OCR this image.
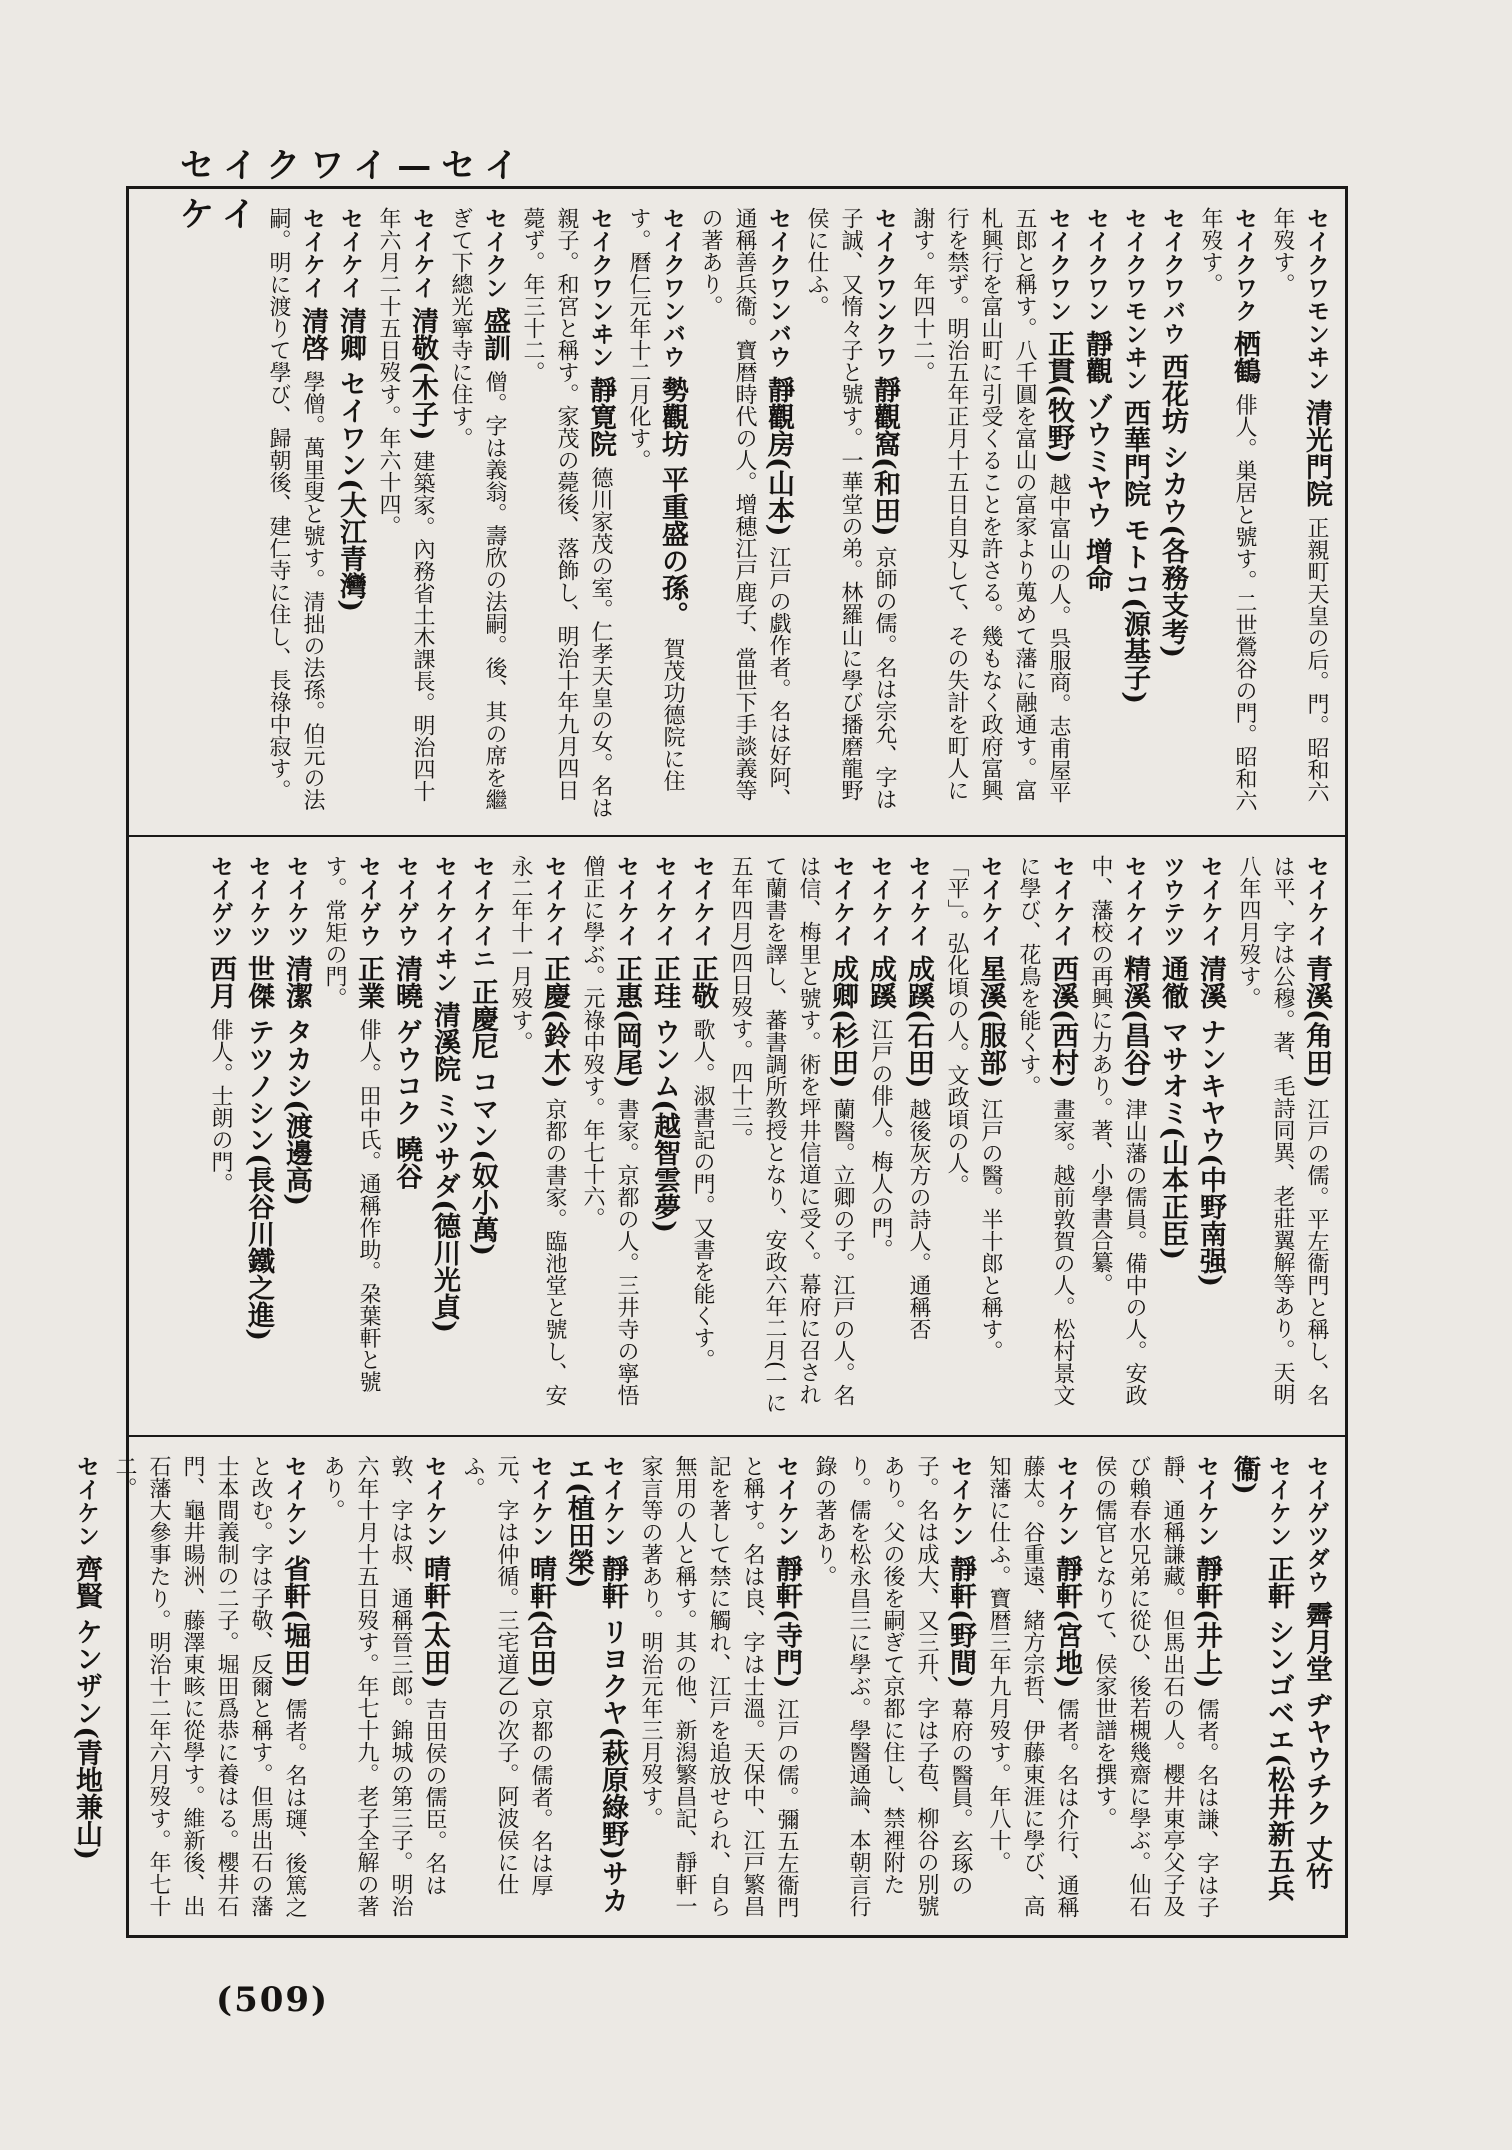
セイクワイ—セイケイ	セイクワモンヰン 清光門院 正親町天皇の后。門。昭和六年歿す。
セイクワク 栖鶴 俳人。巣居と號す。二世鶯谷の門。昭和六年歿す。
セイクワバウ 西花坊 シカウ(各務支考)
セイクワモンヰン 西華門院 モトコ(源基子)
セイクワン 靜觀 ゾウミヤウ 增命
セイクワン 正貫(牧野) 越中富山の人。呉服商。志甫屋平五郎と稱す。八千圓を富山の富家より蒐めて藩に融通す。富札興行を富山町に引受くることを許さる。幾もなく政府富興行を禁ず。明治五年正月十五日自刄して、その失計を町人に謝す。年四十二。
セイクワンクワ 靜觀窩(和田) 京師の儒。名は宗允、字は子誠、又惰々子と號す。一華堂の弟。林羅山に學び播磨龍野侯に仕ふ。
セイクワンバウ 靜觀房(山本) 江戸の戯作者。名は好阿、通稱善兵衞。寶暦時代の人。增穂江戸鹿子、當世下手談義等の著あり。
セイクワンバウ 勢觀坊 平重盛の孫。 賀茂功德院に住す。曆仁元年十二月化す。
セイクワンヰン 靜寛院 德川家茂の室。仁孝天皇の女。名は親子。和宮と稱す。家茂の薨後、落飾し、明治十年九月四日薨ず。年三十二。
セイクン 盛訓 僧。字は義翁。壽欣の法嗣。後、其の席を繼ぎて下總光寧寺に住す。
セイケイ 清敬(木子) 建築家。內務省土木課長。明治四十年六月二十五日歿す。年六十四。
セイケイ 清卿 セイワン(大江青灣)
セイケイ 清啓 學僧。萬里叟と號す。清拙の法孫。伯元の法嗣。明に渡りて學び、歸朝後、建仁寺に住し、長祿中寂す。
セイケイ 青溪(角田) 江戸の儒。平左衞門と稱し、名は平、字は公穆。著、毛詩同異、老莊翼解等あり。天明八年四月歿す。
セイケイ 清溪 ナンキヤウ(中野南强)
ツウテツ 通徹 マサオミ(山本正臣)
セイケイ 精溪(昌谷) 津山藩の儒員。備中の人。安政中、藩校の再興に力あり。著、小學書合纂。
セイケイ 西溪(西村) 畫家。越前敦賀の人。松村景文に學び、花鳥を能くす。
セイケイ 星溪(服部) 江戸の醫。半十郎と稱す。「平」。弘化頃の人。文政頃の人。
セイケイ 成蹊(石田) 越後灰方の詩人。通稱否
セイケイ 成蹊 江戸の俳人。梅人の門。
セイケイ 成卿(杉田) 蘭醫。立卿の子。江戸の人。名は信、梅里と號す。術を坪井信道に受く。幕府に召されて蘭書を譯し、蕃書調所教授となり、安政六年二月(一に五年四月)四日歿す。四十三。
セイケイ 正敬 歌人。淑書記の門。又書を能くす。
セイケイ 正珪 ウンム(越智雲夢)
セイケイ 正惠(岡尾) 書家。京都の人。三井寺の寧悟僧正に學ぶ。元祿中歿す。年七十六。
セイケイ 正慶(鈴木) 京都の書家。臨池堂と號し、安永二年十一月歿す。
セイケイニ 正慶尼 コマン(奴小萬)
セイケイヰン 清溪院 ミツサダ(德川光貞)
セイゲウ 清曉 ゲウコク 曉谷
セイゲウ 正業 俳人。田中氏。通稱作助。朶葉軒と號す。常矩の門。
セイケツ 清潔 タカシ(渡邊高)
セイケツ 世傑 テツノシン(長谷川鐵之進)
セイゲツ 西月 俳人。士朗の門。
セイゲツダウ 霽月堂 ヂヤウチク 丈竹
セイケン 正軒 シンゴベエ(松井新五兵衞)
セイケン 靜軒(井上) 儒者。名は謙、字は子靜、通稱謙藏。但馬出石の人。櫻井東亭父子及び賴春水兄弟に從ひ、後若槻幾齋に學ぶ。仙石侯の儒官となりて、侯家世譜を撰す。
セイケン 靜軒(宮地) 儒者。名は介行、通稱藤太。谷重遠、緒方宗哲、伊藤東涯に學び、高知藩に仕ふ。寶暦三年九月歿す。年八十。
セイケン 靜軒(野間) 幕府の醫員。玄琢の子。名は成大、又三升、字は子苞、柳谷の別號あり。父の後を嗣ぎて京都に住し、禁裡附たり。儒を松永昌三に學ぶ。學醫通論、本朝言行錄の著あり。
セイケン 靜軒(寺門) 江戸の儒。彌五左衞門と稱す。名は良、字は士溫。天保中、江戸繁昌記を著して禁に觸れ、江戸を追放せられ、自ら無用の人と稱す。其の他、新潟繁昌記、靜軒一家言等の著あり。明治元年三月歿す。
セイケン 靜軒 リヨクヤ(萩原綠野)サカエ(植田榮)
セイケン 晴軒(合田) 京都の儒者。名は厚元、字は仲循。三宅道乙の次子。阿波侯に仕ふ。
セイケン 晴軒(太田) 吉田侯の儒臣。名は敦、字は叔、通稱晉三郎。錦城の第三子。明治六年十月十五日歿す。年七十九。老子全解の著あり。
セイケン 省軒(堀田) 儒者。名は璭、後篤之と改む。字は子敬、反爾と稱す。但馬出石の藩士本間義制の二子。堀田爲恭に養はる。櫻井石門、龜井暘洲、藤澤東畡に從學す。維新後、出石藩大參事たり。明治十二年六月歿す。年七十二。
セイケン 齊賢 ケンザン(青地兼山)
(509)
